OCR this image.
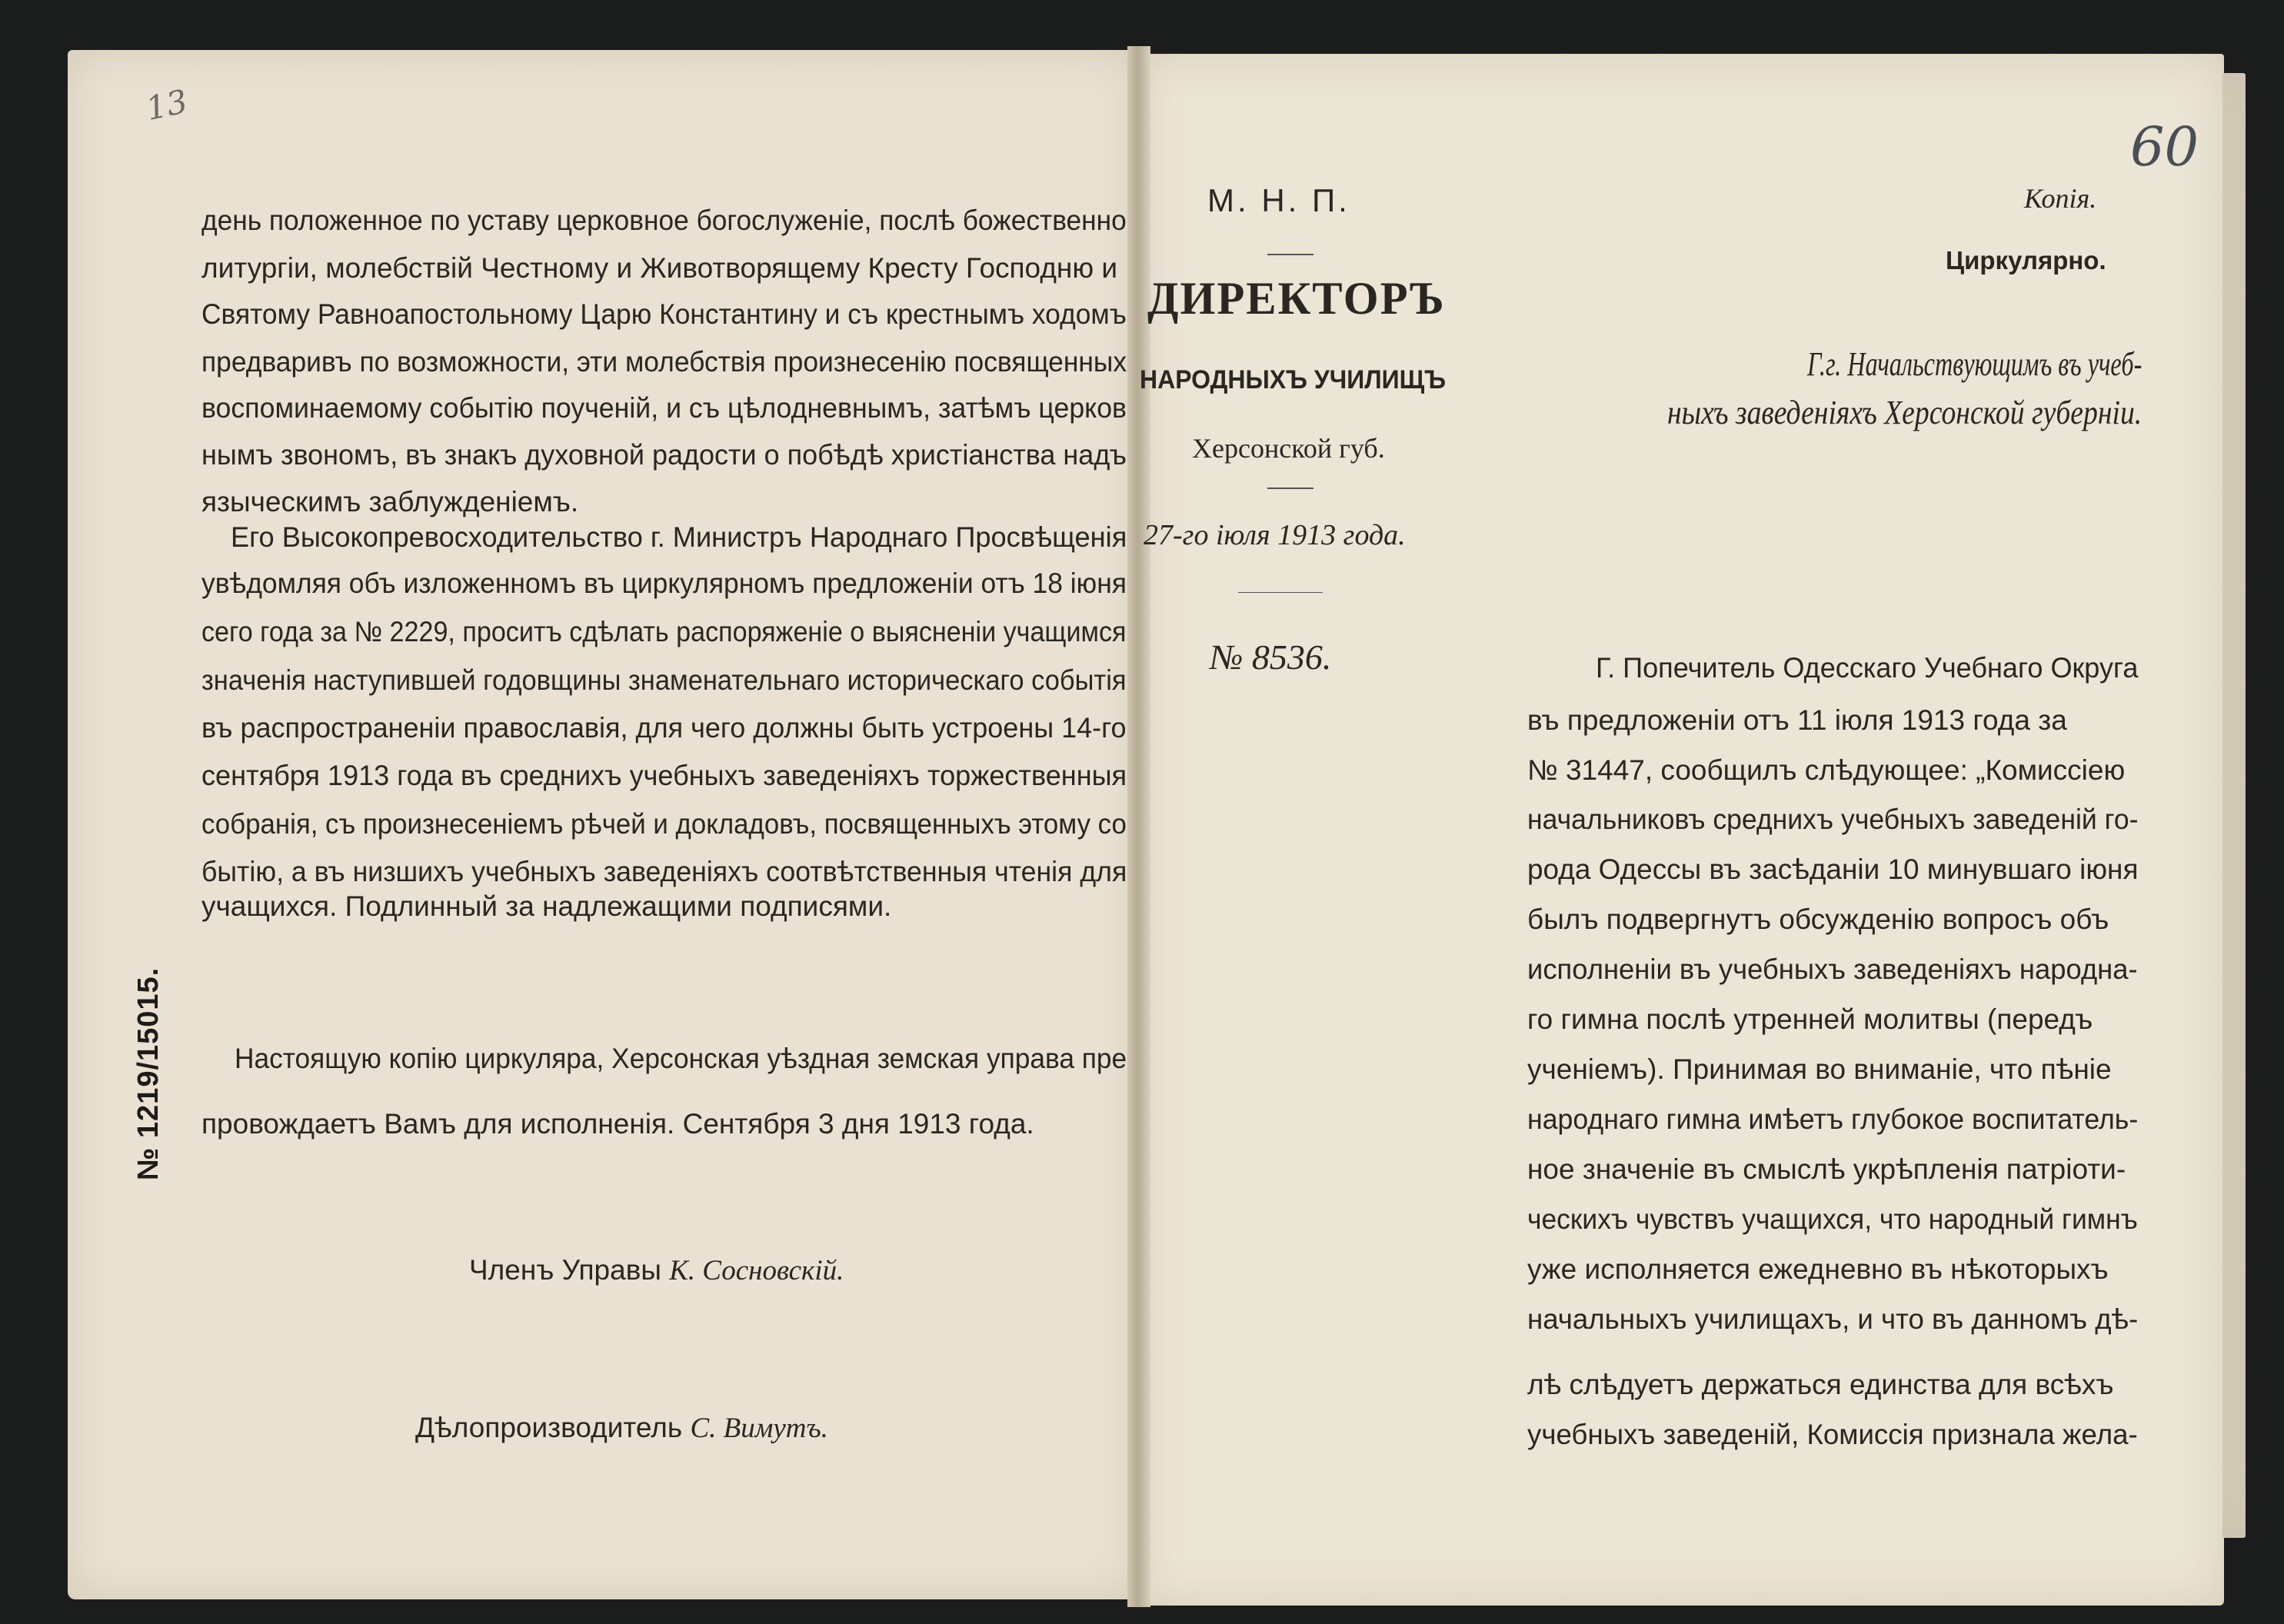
13
№ 1219/15015.
день положенное по уставу церковное богослуженіе, послѣ божественно
литургіи, молебствій Честному и Животворящему Кресту Господню и
Святому Равноапостольному Царю Константину и съ крестнымъ ходомъ
предваривъ по возможности, эти молебствія произнесенію посвященных
воспоминаемому событію поученій, и съ цѣлодневнымъ, затѣмъ церков
нымъ звономъ, въ знакъ духовной радости о побѣдѣ христіанства надъ
языческимъ заблужденіемъ.
Его Высокопревосходительство г. Министръ Народнаго Просвѣщенія
увѣдомляя объ изложенномъ въ циркулярномъ предложеніи отъ 18 іюня
сего года за № 2229, проситъ сдѣлать распоряженіе о выясненіи учащимся
значенія наступившей годовщины знаменательнаго историческаго событія
въ распространеніи православія, для чего должны быть устроены 14-го
сентября 1913 года въ среднихъ учебныхъ заведеніяхъ торжественныя
собранія, съ произнесеніемъ рѣчей и докладовъ, посвященныхъ этому со
бытію, а въ низшихъ учебныхъ заведеніяхъ соотвѣтственныя чтенія для
учащихся. Подлинный за надлежащими подписями.
Настоящую копію циркуляра, Херсонская уѣздная земская управа пре
провождаетъ Вамъ для исполненія. Сентября 3 дня 1913 года.
Членъ Управы К. Сосновскій.
Дѣлопроизводитель С. Вимутъ.
60
М. Н. П.
ДИРЕКТОРЪ
НАРОДНЫХЪ УЧИЛИЩЪ
Херсонской губ.
27-го іюля 1913 года.
№ 8536.
Копія.
Циркулярно.
Г.г. Начальствующимъ въ учеб-
ныхъ заведеніяхъ Херсонской губерніи.
Г. Попечитель Одесскаго Учебнаго Округа
въ предложеніи отъ 11 іюля 1913 года за
№ 31447, сообщилъ слѣдующее: „Комиссіею
начальниковъ среднихъ учебныхъ заведеній го-
рода Одессы въ засѣданіи 10 минувшаго іюня
былъ подвергнутъ обсужденію вопросъ объ
исполненіи въ учебныхъ заведеніяхъ народна-
го гимна послѣ утренней молитвы (передъ
ученіемъ). Принимая во вниманіе, что пѣніе
народнаго гимна имѣетъ глубокое воспитатель-
ное значеніе въ смыслѣ укрѣпленія патріоти-
ческихъ чувствъ учащихся, что народный гимнъ
уже исполняется ежедневно въ нѣкоторыхъ
начальныхъ училищахъ, и что въ данномъ дѣ-
лѣ слѣдуетъ держаться единства для всѣхъ
учебныхъ заведеній, Комиссія признала жела-
